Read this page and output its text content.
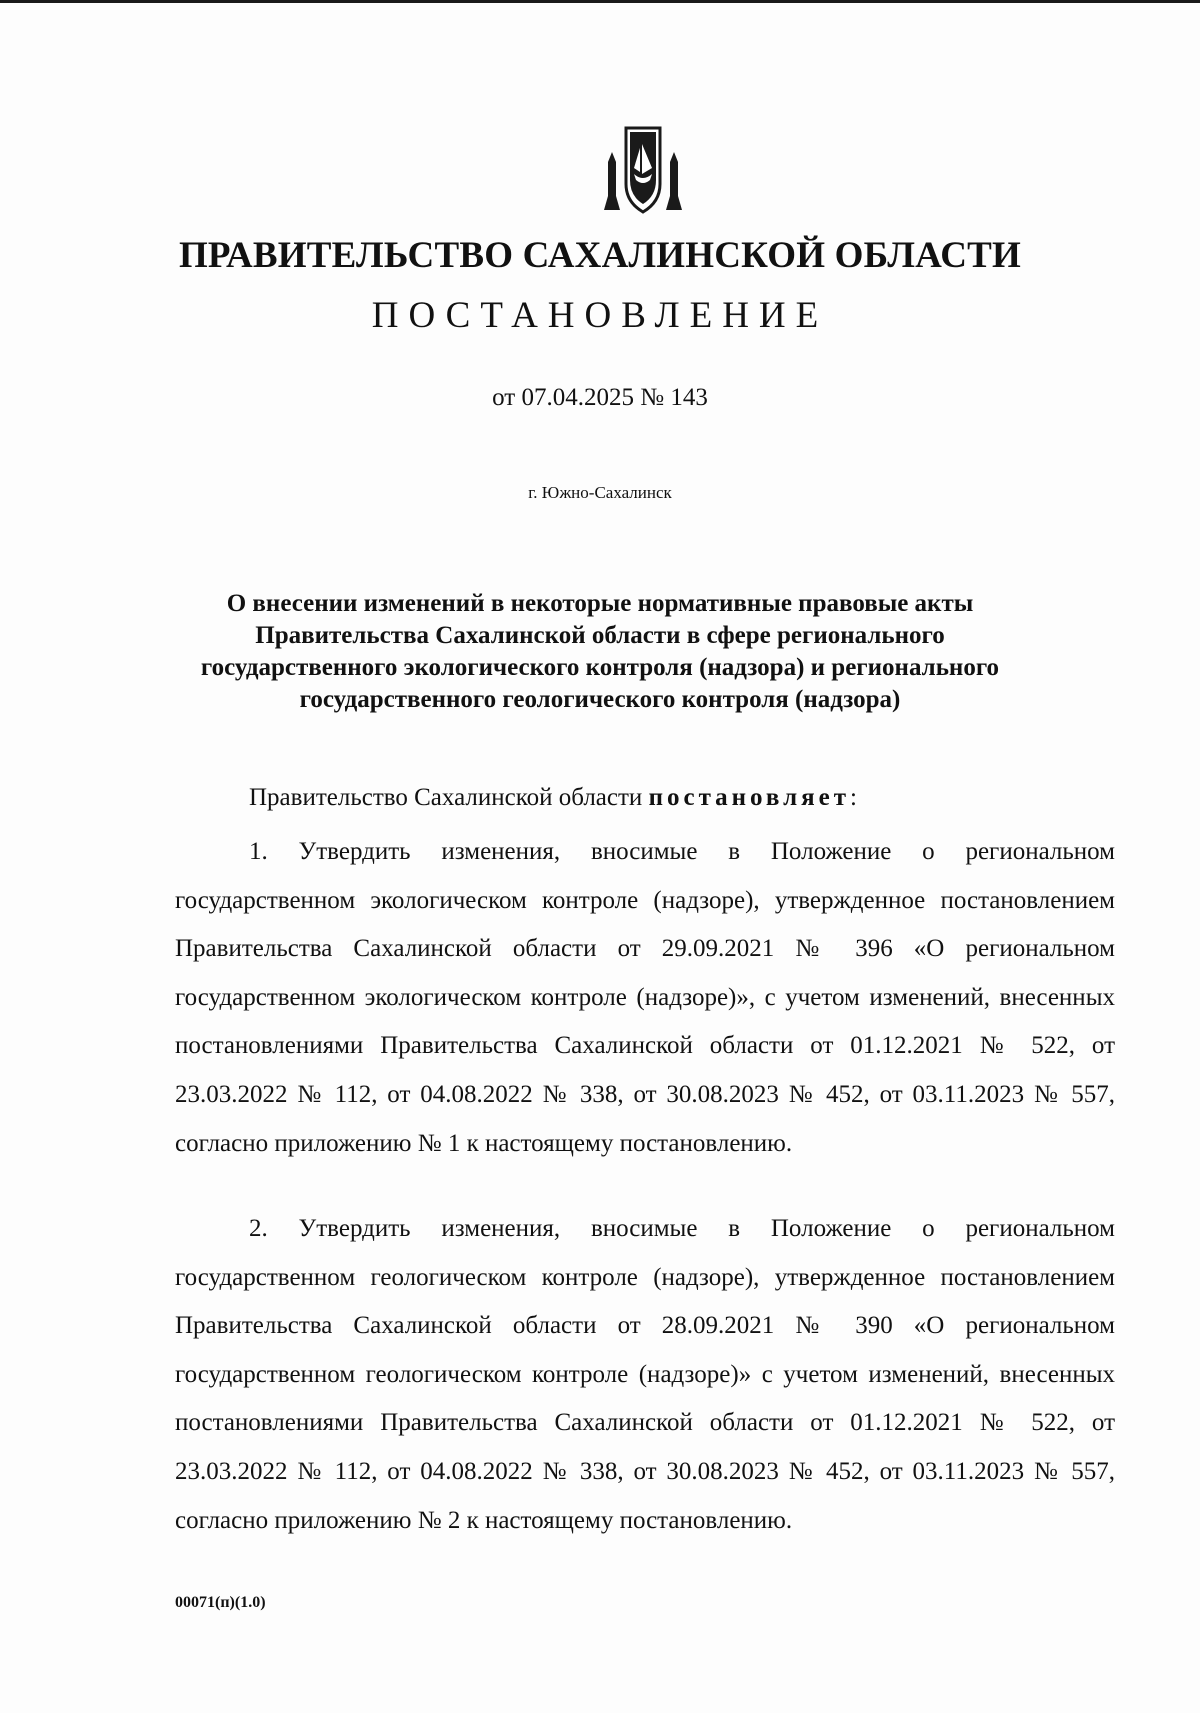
ПРАВИТЕЛЬСТВО САХАЛИНСКОЙ ОБЛАСТИ
ПОСТАНОВЛЕНИЕ
от 07.04.2025 № 143
г. Южно-Сахалинск
О внесении изменений в некоторые нормативные правовые акты
Правительства Сахалинской области в сфере регионального
государственного экологического контроля (надзора) и регионального
государственного геологического контроля (надзора)
Правительство Сахалинской области постановляет:

1. Утвердить изменения, вносимые в Положение о региональном государственном экологическом контроле (надзоре), утвержденное постановлением Правительства Сахалинской области от 29.09.2021 № 396 «О региональном государственном экологическом контроле (надзоре)», с учетом изменений, внесенных постановлениями Правительства Сахалинской области от 01.12.2021 № 522, от 23.03.2022 № 112, от 04.08.2022 № 338, от 30.08.2023 № 452, от 03.11.2023 № 557, согласно приложению № 1 к настоящему постановлению.

2. Утвердить изменения, вносимые в Положение о региональном государственном геологическом контроле (надзоре), утвержденное постановлением Правительства Сахалинской области от 28.09.2021 № 390 «О региональном государственном геологическом контроле (надзоре)» с учетом изменений, внесенных постановлениями Правительства Сахалинской области от 01.12.2021 № 522, от 23.03.2022 № 112, от 04.08.2022 № 338, от 30.08.2023 № 452, от 03.11.2023 № 557, согласно приложению № 2 к настоящему постановлению.

00071(п)(1.0)
